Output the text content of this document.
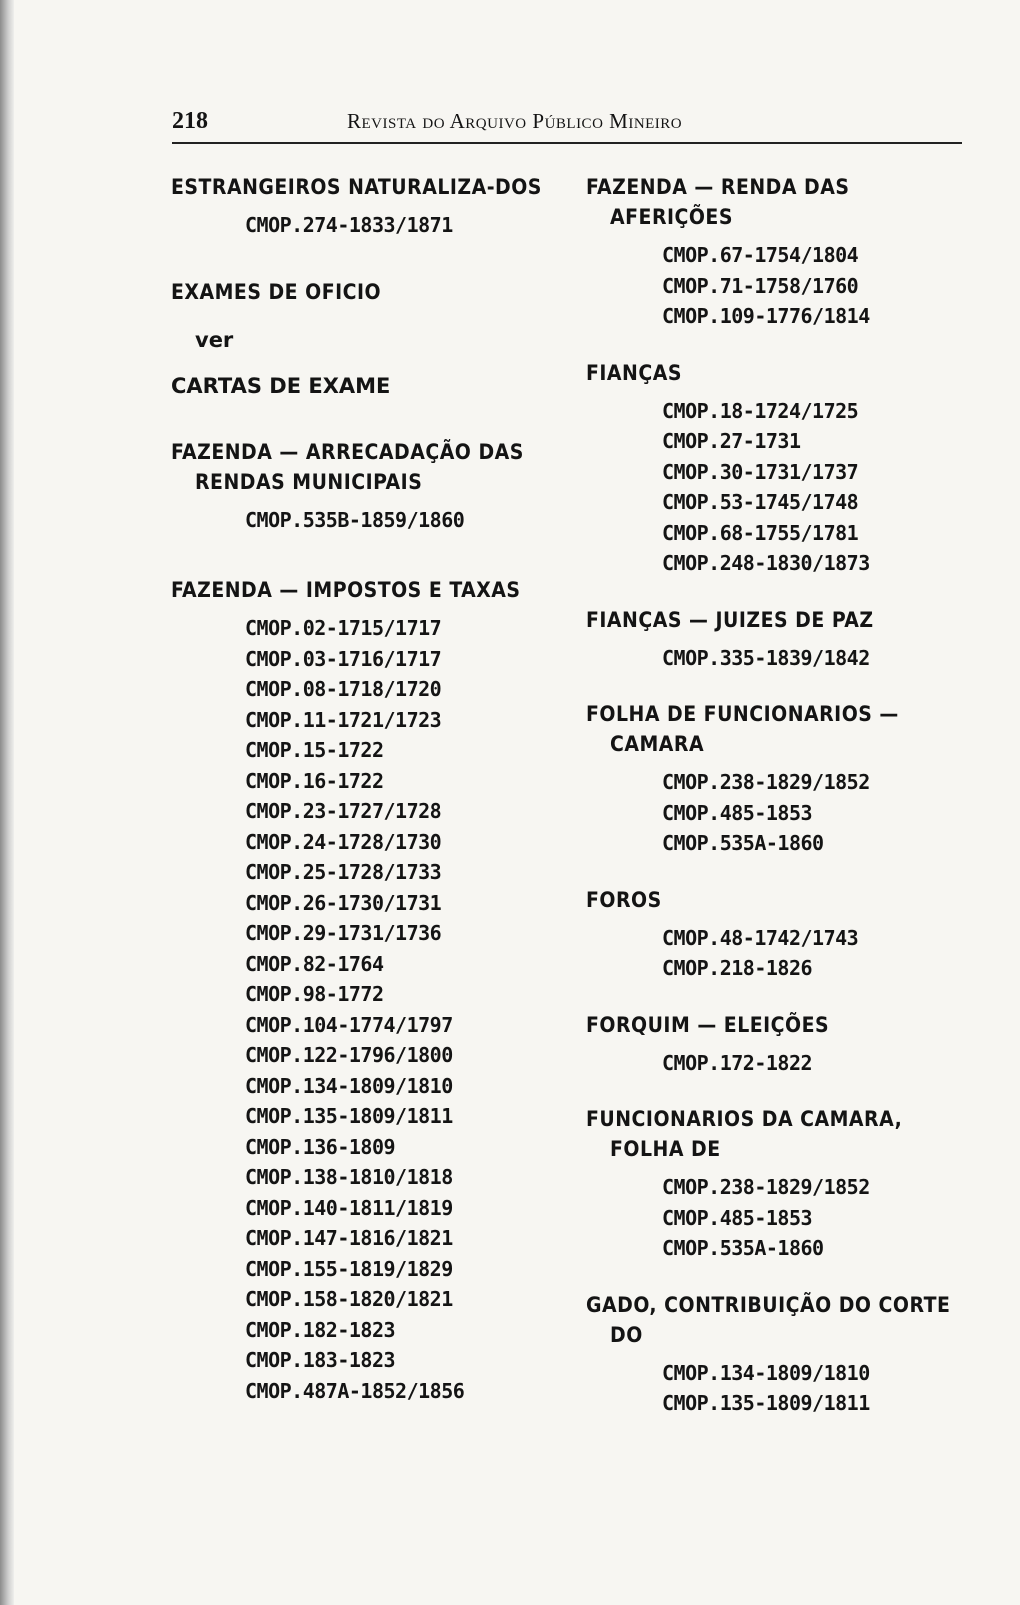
218	Revista do Arquivo Público Mineiro
ESTRANGEIROS NATURALIZA-DOS
CMOP.274-1833/1871
EXAMES DE OFICIO
ver
CARTAS DE EXAME
FAZENDA — ARRECADAÇÃO DAS RENDAS MUNICIPAIS
CMOP.535B-1859/1860
FAZENDA — IMPOSTOS E TAXAS
CMOP.02-1715/1717
CMOP.03-1716/1717
CMOP.08-1718/1720
CMOP.11-1721/1723
CMOP.15-1722
CMOP.16-1722
CMOP.23-1727/1728
CMOP.24-1728/1730
CMOP.25-1728/1733
CMOP.26-1730/1731
CMOP.29-1731/1736
CMOP.82-1764
CMOP.98-1772
CMOP.104-1774/1797
CMOP.122-1796/1800
CMOP.134-1809/1810
CMOP.135-1809/1811
CMOP.136-1809
CMOP.138-1810/1818
CMOP.140-1811/1819
CMOP.147-1816/1821
CMOP.155-1819/1829
CMOP.158-1820/1821
CMOP.182-1823
CMOP.183-1823
CMOP.487A-1852/1856
FAZENDA — RENDA DAS AFERIÇÕES
CMOP.67-1754/1804
CMOP.71-1758/1760
CMOP.109-1776/1814
FIANÇAS
CMOP.18-1724/1725
CMOP.27-1731
CMOP.30-1731/1737
CMOP.53-1745/1748
CMOP.68-1755/1781
CMOP.248-1830/1873
FIANÇAS — JUIZES DE PAZ
CMOP.335-1839/1842
FOLHA DE FUNCIONARIOS — CAMARA
CMOP.238-1829/1852
CMOP.485-1853
CMOP.535A-1860
FOROS
CMOP.48-1742/1743
CMOP.218-1826
FORQUIM — ELEIÇÕES
CMOP.172-1822
FUNCIONARIOS DA CAMARA, FOLHA DE
CMOP.238-1829/1852
CMOP.485-1853
CMOP.535A-1860
GADO, CONTRIBUIÇÃO DO CORTE DO
CMOP.134-1809/1810
CMOP.135-1809/1811
